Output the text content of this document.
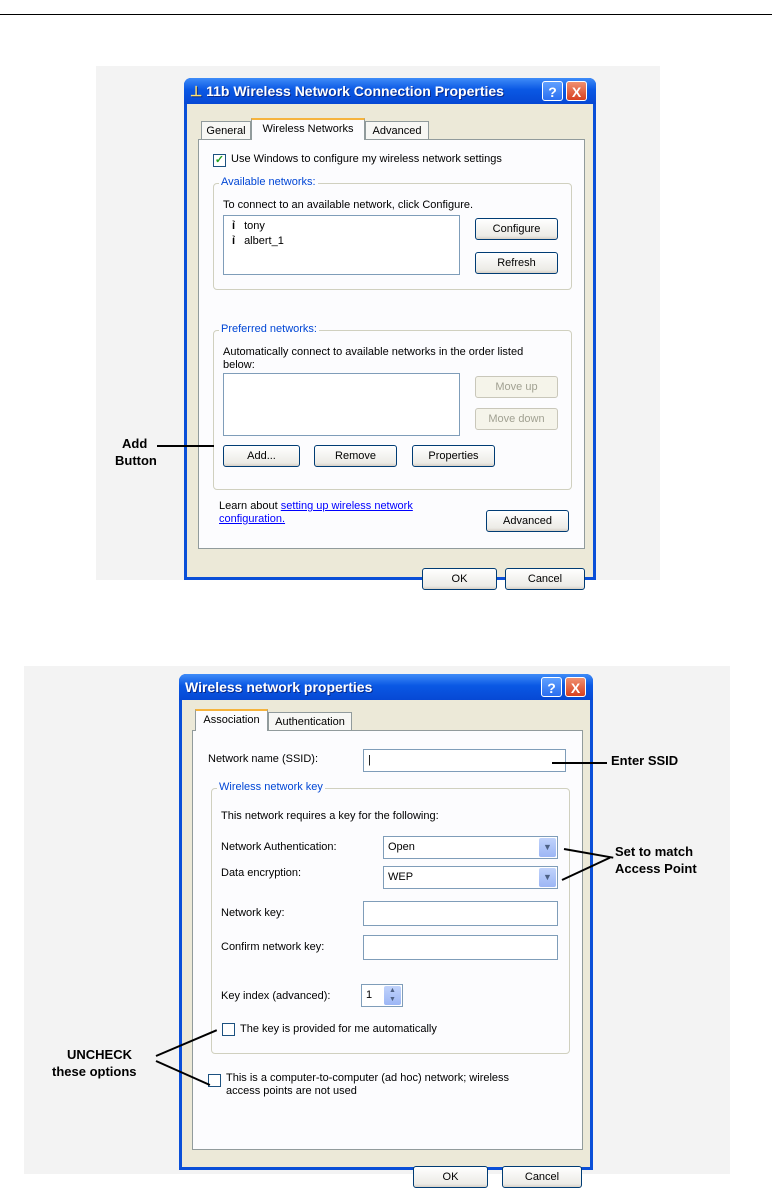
⊥ 11b Wireless Network Connection Properties	?	X
General	Wireless Networks	Advanced
✓ Use Windows to configure my wireless network settings
Available networks:
To connect to an available network, click Configure.
ỉ tony
ỉ albert_1
Configure
Refresh
Preferred networks:
Automatically connect to available networks in the order listed
below:
Move up
Move down
Add...	Remove	Properties
Learn about setting up wireless network
configuration.	Advanced
OK	Cancel
Add
Button
Wireless network properties	?	X
Association	Authentication
Network name (SSID):	|
Wireless network key
This network requires a key for the following:
Network Authentication:	Open	▼
Data encryption:	WEP	▼
Network key:
Confirm network key:
Key index (advanced):	1	▲
▼
The key is provided for me automatically
This is a computer-to-computer (ad hoc) network; wireless
access points are not used
OK	Cancel
Enter SSID
Set to match
Access Point
UNCHECK
these options
